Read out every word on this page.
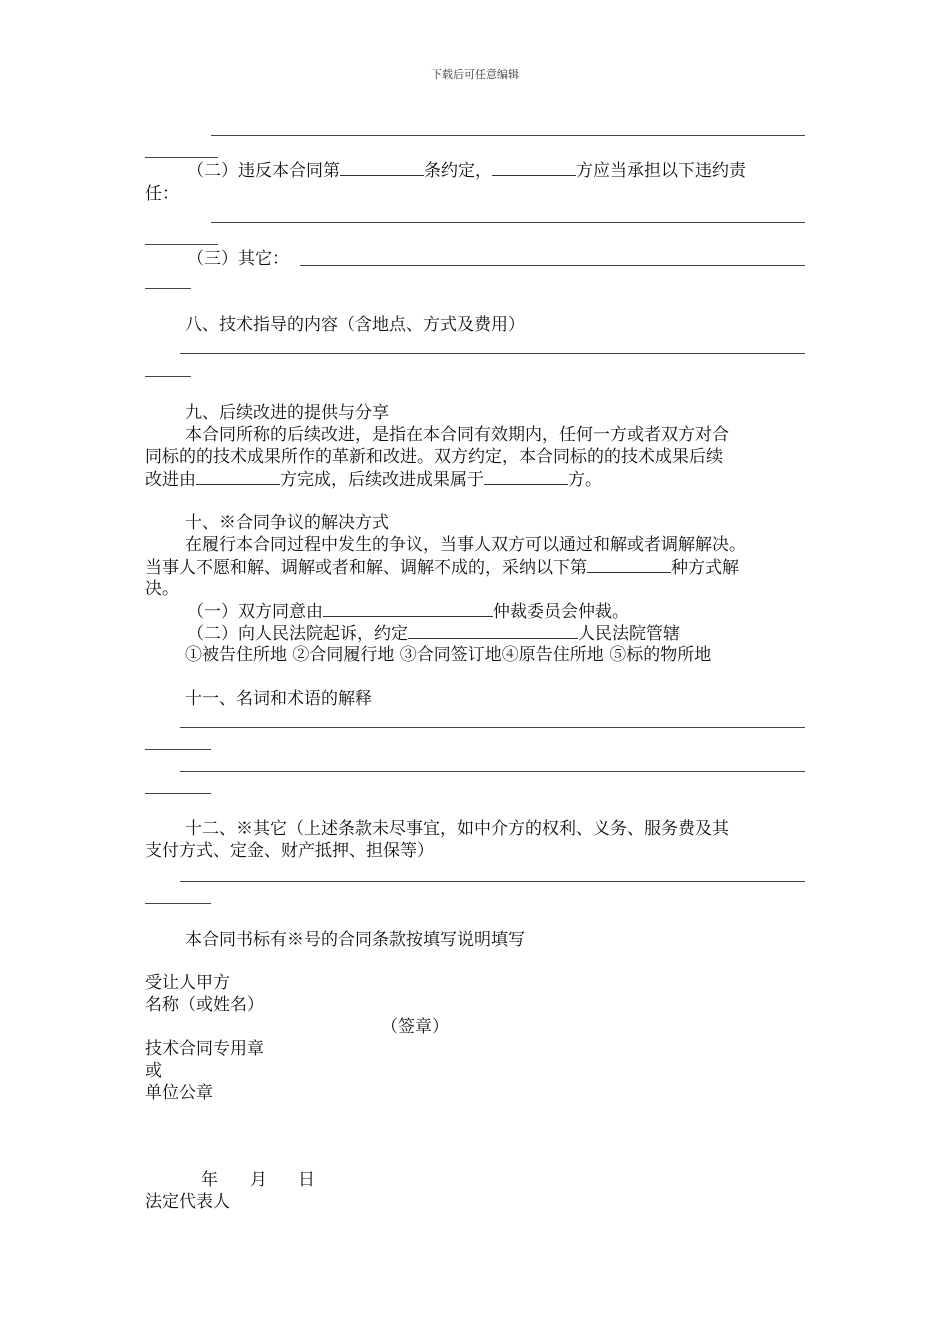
下载后可任意编辑
（二）违反本合同第	条约定，	方应当承担以下违约责
任：
（三）其它：
八、技术指导的内容（含地点、方式及费用）
九、后续改进的提供与分享
本合同所称的后续改进，是指在本合同有效期内，任何一方或者双方对合
同标的的技术成果所作的革新和改进。双方约定，本合同标的的技术成果后续
改进由	方完成，后续改进成果属于	方。
十、※合同争议的解决方式
在履行本合同过程中发生的争议，当事人双方可以通过和解或者调解解决。
当事人不愿和解、调解或者和解、调解不成的，采纳以下第	种方式解
决。
（一）双方同意由	仲裁委员会仲裁。
（二）向人民法院起诉，约定	人民法院管辖
①被告住所地 ②合同履行地 ③合同签订地④原告住所地 ⑤标的物所地
十一、名词和术语的解释
十二、※其它（上述条款未尽事宜，如中介方的权利、义务、服务费及其
支付方式、定金、财产抵押、担保等）
本合同书标有※号的合同条款按填写说明填写
受让人甲方
名称（或姓名）
（签章）
技术合同专用章
或
单位公章
年 月 日
法定代表人
